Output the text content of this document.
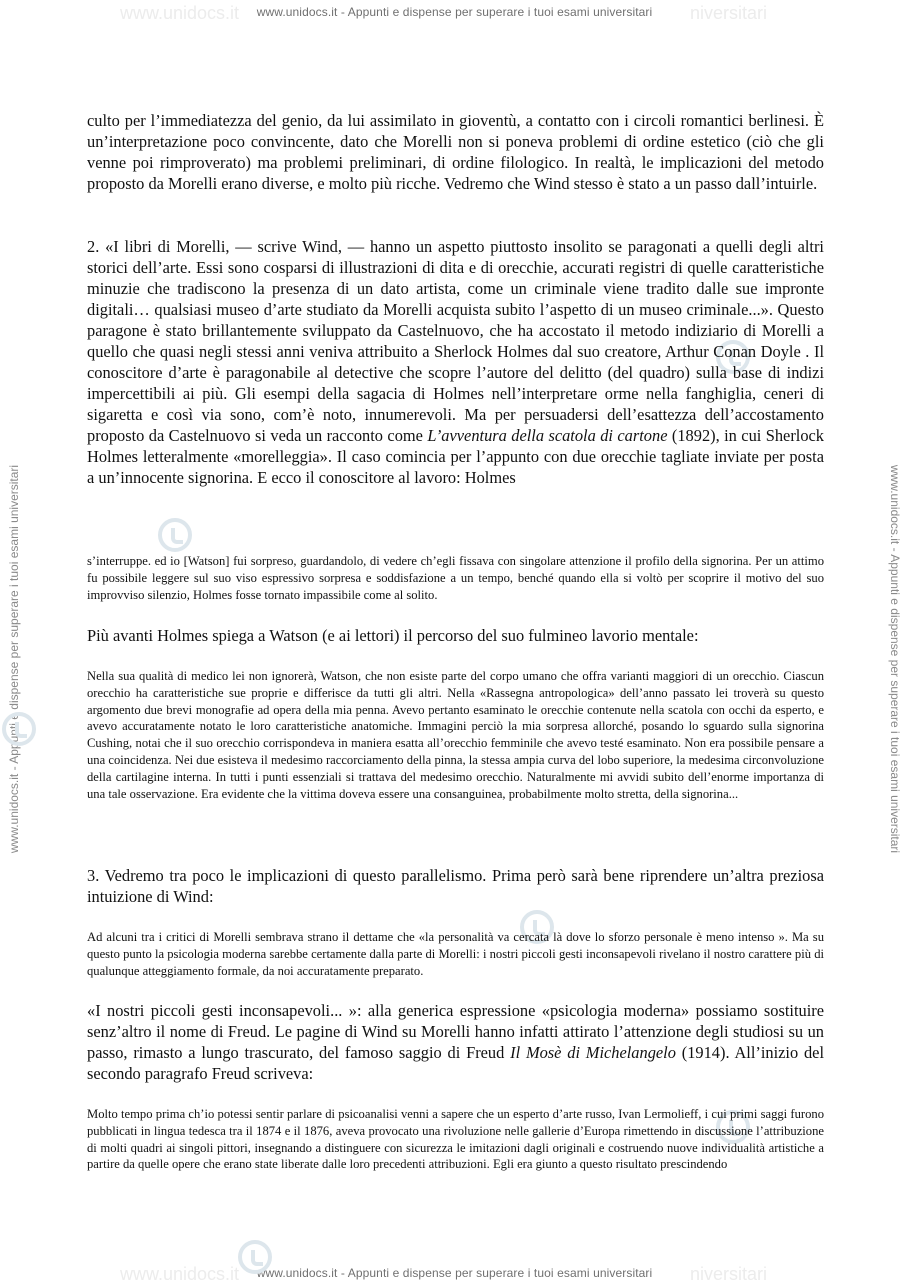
www.unidocs.it	niversitari
www.unidocs.it	niversitari
www.unidocs.it - Appunti e dispense per superare i tuoi esami universitari
www.unidocs.it - Appunti e dispense per superare i tuoi esami universitari
www.unidocs.it - Appunti e dispense per superare i tuoi esami universitari	www.unidocs.it - Appunti e dispense per superare i tuoi esami universitari

culto per l’immediatezza del genio, da lui assimilato in gioventù, a contatto con i circoli romantici berlinesi. È un’interpretazione poco convincente, dato che Morelli non si poneva problemi di ordine estetico (ciò che gli venne poi rimproverato) ma problemi preliminari, di ordine filologico. In realtà, le implicazioni del metodo proposto da Morelli erano diverse, e molto più ricche. Vedremo che Wind stesso è stato a un passo dall’intuirle.

2. «I libri di Morelli, — scrive Wind, — hanno un aspetto piuttosto insolito se paragonati a quelli degli altri storici dell’arte. Essi sono cosparsi di illustrazioni di dita e di orecchie, accurati registri di quelle caratteristiche minuzie che tradiscono la presenza di un dato artista, come un criminale viene tradito dalle sue impronte digitali… qualsiasi museo d’arte studiato da Morelli acquista subito l’aspetto di un museo criminale...». Questo paragone è stato brillantemente sviluppato da Castelnuovo, che ha accostato il metodo indiziario di Morelli a quello che quasi negli stessi anni veniva attribuito a Sherlock Holmes dal suo creatore, Arthur Conan Doyle . Il conoscitore d’arte è paragonabile al detective che scopre l’autore del delitto (del quadro) sulla base di indizi impercettibili ai più. Gli esempi della sagacia di Holmes nell’interpretare orme nella fanghiglia, ceneri di sigaretta e così via sono, com’è noto, innumerevoli. Ma per persuadersi dell’esattezza dell’accostamento proposto da Castelnuovo si veda un racconto come L’avventura della scatola di cartone (1892), in cui Sherlock Holmes letteralmente «morelleggia». Il caso comincia per l’appunto con due orecchie tagliate inviate per posta a un’innocente signorina. E ecco il conoscitore al lavoro: Holmes

s’interruppe. ed io [Watson] fui sorpreso, guardandolo, di vedere ch’egli fissava con singolare attenzione il profilo della signorina. Per un attimo fu possibile leggere sul suo viso espressivo sorpresa e soddisfazione a un tempo, benché quando ella si voltò per scoprire il motivo del suo improvviso silenzio, Holmes fosse tornato impassibile come al solito.

Più avanti Holmes spiega a Watson (e ai lettori) il percorso del suo fulmineo lavorio mentale:

Nella sua qualità di medico lei non ignorerà, Watson, che non esiste parte del corpo umano che offra varianti maggiori di un orecchio. Ciascun orecchio ha caratteristiche sue proprie e differisce da tutti gli altri. Nella «Rassegna antropologica» dell’anno passato lei troverà su questo argomento due brevi monografie ad opera della mia penna. Avevo pertanto esaminato le orecchie contenute nella scatola con occhi da esperto, e avevo accuratamente notato le loro caratteristiche anatomiche. Immagini perciò la mia sorpresa allorché, posando lo sguardo sulla signorina Cushing, notai che il suo orecchio corrispondeva in maniera esatta all’orecchio femminile che avevo testé esaminato. Non era possibile pensare a una coincidenza. Nei due esisteva il medesimo raccorciamento della pinna, la stessa ampia curva del lobo superiore, la medesima circonvoluzione della cartilagine interna. In tutti i punti essenziali si trattava del medesimo orecchio. Naturalmente mi avvidi subito dell’enorme importanza di una tale osservazione. Era evidente che la vittima doveva essere una consanguinea, probabilmente molto stretta, della signorina...

3. Vedremo tra poco le implicazioni di questo parallelismo. Prima però sarà bene riprendere un’altra preziosa intuizione di Wind:

Ad alcuni tra i critici di Morelli sembrava strano il dettame che «la personalità va cercata là dove lo sforzo personale è meno intenso ». Ma su questo punto la psicologia moderna sarebbe certamente dalla parte di Morelli: i nostri piccoli gesti inconsapevoli rivelano il nostro carattere più di qualunque atteggiamento formale, da noi accuratamente preparato.

«I nostri piccoli gesti inconsapevoli... »: alla generica espressione «psicologia moderna» possiamo sostituire senz’altro il nome di Freud. Le pagine di Wind su Morelli hanno infatti attirato l’attenzione degli studiosi su un passo, rimasto a lungo trascurato, del famoso saggio di Freud Il Mosè di Michelangelo (1914). All’inizio del secondo paragrafo Freud scriveva:

Molto tempo prima ch’io potessi sentir parlare di psicoanalisi venni a sapere che un esperto d’arte russo, Ivan Lermolieff, i cui primi saggi furono pubblicati in lingua tedesca tra il 1874 e il 1876, aveva provocato una rivoluzione nelle gallerie d’Europa rimettendo in discussione l’attribuzione di molti quadri ai singoli pittori, insegnando a distinguere con sicurezza le imitazioni dagli originali e costruendo nuove individualità artistiche a partire da quelle opere che erano state liberate dalle loro precedenti attribuzioni. Egli era giunto a questo risultato prescindendo
